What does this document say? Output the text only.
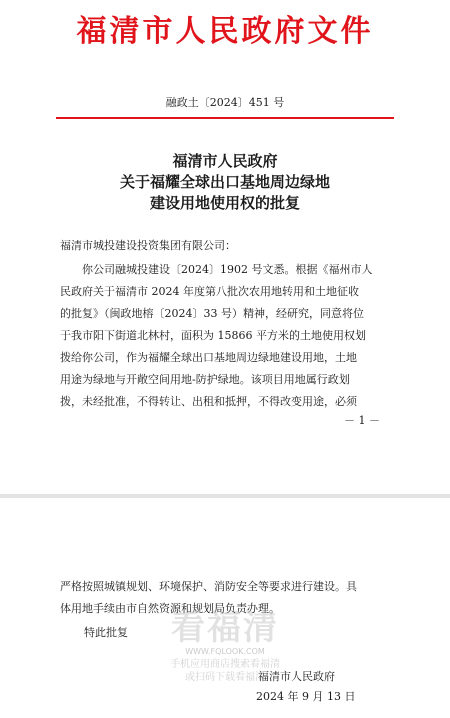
福清市人民政府文件
融政土〔2024〕451 号
福清市人民政府
关于福耀全球出口基地周边绿地
建设用地使用权的批复
福清市城投建设投资集团有限公司：
你公司融城投建设〔2024〕1902 号文悉。根据《福州市人
民政府关于福清市 2024 年度第八批次农用地转用和土地征收
的批复》（闽政地榕〔2024〕33 号）精神，经研究，同意将位
于我市阳下街道北林村，面积为 15866 平方米的土地使用权划
拨给你公司，作为福耀全球出口基地周边绿地建设用地，土地
用途为绿地与开敞空间用地-防护绿地。该项目用地属行政划
拨，未经批准，不得转让、出租和抵押，不得改变用途，必须
－ 1 －
严格按照城镇规划、环境保护、消防安全等要求进行建设。具
体用地手续由市自然资源和规划局负责办理。
特此批复
福清市人民政府
2024 年 9 月 13 日
看福清
WWW.FQLOOK.COM
手机应用商店搜索看福清
或扫码下载看福清
